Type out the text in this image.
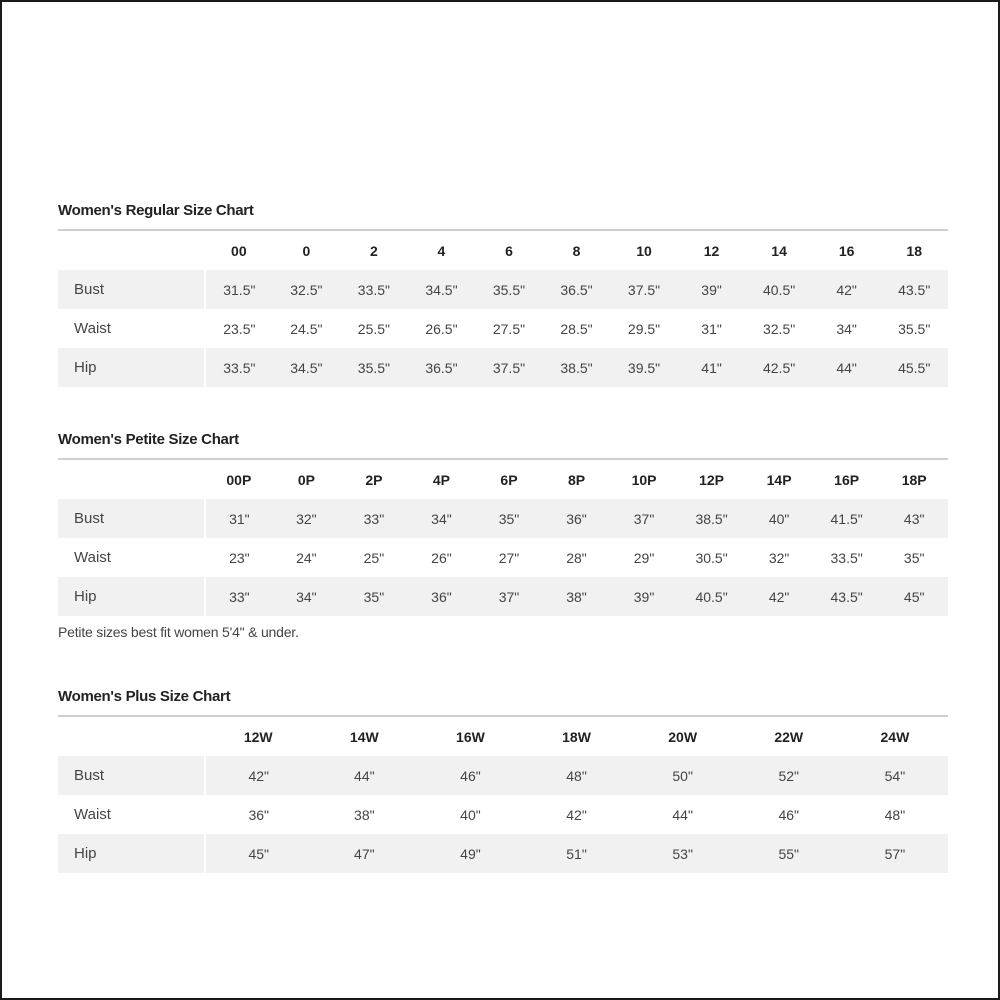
Women's Regular Size Chart
	00	0	2	4	6	8	10	12	14	16	18
Bust	31.5"	32.5"	33.5"	34.5"	35.5"	36.5"	37.5"	39"	40.5"	42"	43.5"
Waist	23.5"	24.5"	25.5"	26.5"	27.5"	28.5"	29.5"	31"	32.5"	34"	35.5"
Hip	33.5"	34.5"	35.5"	36.5"	37.5"	38.5"	39.5"	41"	42.5"	44"	45.5"
Women's Petite Size Chart
	00P	0P	2P	4P	6P	8P	10P	12P	14P	16P	18P
Bust	31"	32"	33"	34"	35"	36"	37"	38.5"	40"	41.5"	43"
Waist	23"	24"	25"	26"	27"	28"	29"	30.5"	32"	33.5"	35"
Hip	33"	34"	35"	36"	37"	38"	39"	40.5"	42"	43.5"	45"
Petite sizes best fit women 5'4" & under.
Women's Plus Size Chart
	12W	14W	16W	18W	20W	22W	24W
Bust	42"	44"	46"	48"	50"	52"	54"
Waist	36"	38"	40"	42"	44"	46"	48"
Hip	45"	47"	49"	51"	53"	55"	57"
